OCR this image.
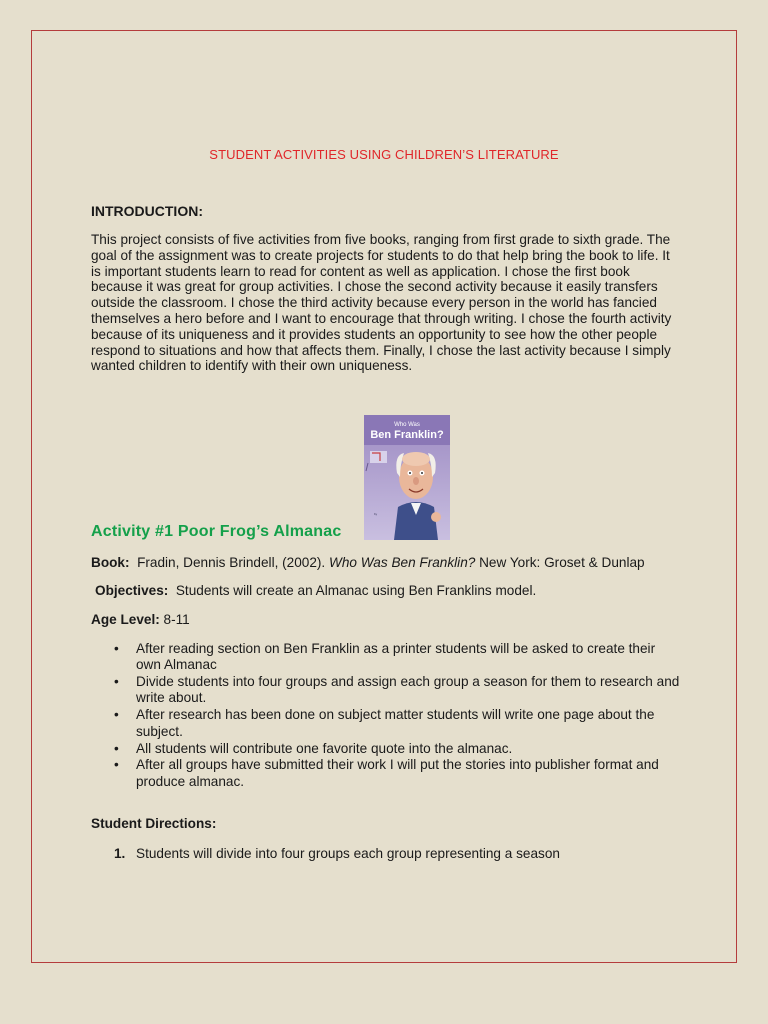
STUDENT ACTIVITIES USING CHILDREN’S LITERATURE
INTRODUCTION:

This project consists of five activities from five books, ranging from first grade to sixth grade. The goal of the assignment was to create projects for students to do that help bring the book to life. It is important students learn to read for content as well as application. I chose the first book because it was great for group activities. I chose the second activity because it easily transfers outside the classroom. I chose the third activity because every person in the world has fancied themselves a hero before and I want to encourage that through writing. I chose the fourth activity because of its uniqueness and it provides students an opportunity to see how the other people respond to situations and how that affects them. Finally, I chose the last activity because I simply wanted children to identify with their own uniqueness.

Who Was
Ben Franklin?
by
Activity #1 Poor Frog’s Almanac
Book: Fradin, Dennis Brindell, (2002). Who Was Ben Franklin? New York: Groset & Dunlap
Objectives: Students will create an Almanac using Ben Franklins model.
Age Level: 8-11
• After reading section on Ben Franklin as a printer students will be asked to create their own Almanac
• Divide students into four groups and assign each group a season for them to research and write about.
• After research has been done on subject matter students will write one page about the subject.
• All students will contribute one favorite quote into the almanac.
• After all groups have submitted their work I will put the stories into publisher format and produce almanac.
Student Directions:
1. Students will divide into four groups each group representing a season
